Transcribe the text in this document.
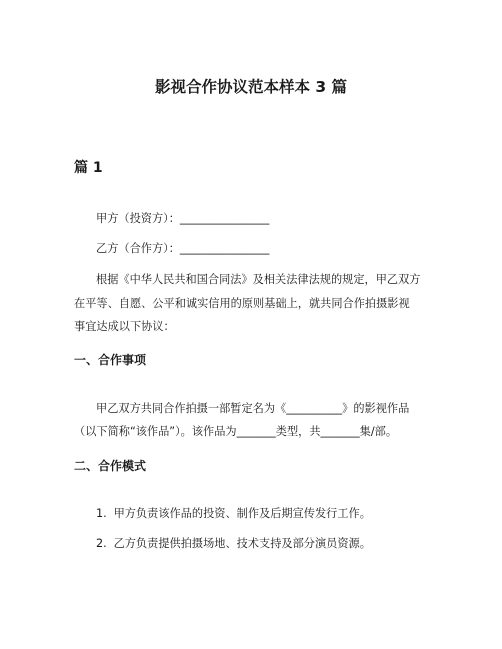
影视合作协议范本样本 3 篇
篇 1
甲方（投资方）：________________
乙方（合作方）：________________
根据《中华人民共和国合同法》及相关法律法规的规定，甲乙双方
在平等、自愿、公平和诚实信用的原则基础上，就共同合作拍摄影视
事宜达成以下协议：
一、合作事项
甲乙双方共同合作拍摄一部暂定名为《__________》的影视作品
（以下简称“该作品”）。该作品为_______类型，共_______集/部。
二、合作模式
1. 甲方负责该作品的投资、制作及后期宣传发行工作。
2. 乙方负责提供拍摄场地、技术支持及部分演员资源。
